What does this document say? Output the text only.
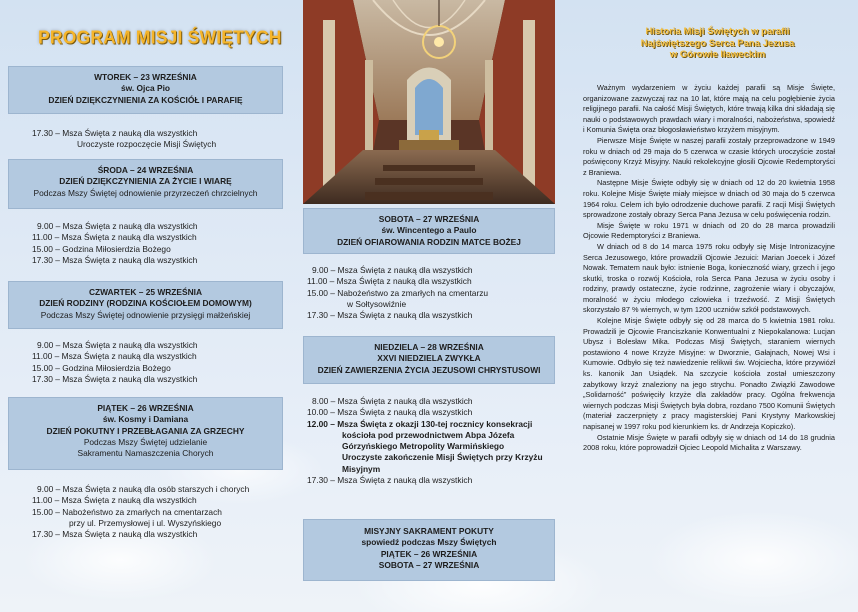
PROGRAM MISJI ŚWIĘTYCH
WTOREK – 23 WRZEŚNIA
św. Ojca Pio
DZIEŃ DZIĘKCZYNIENIA ZA KOŚCIÓŁ I PARAFIĘ
17.30 – Msza Święta z nauką dla wszystkich
Uroczyste rozpoczęcie Misji Świętych
ŚRODA – 24 WRZEŚNIA
DZIEŃ DZIĘKCZYNIENIA ZA ŻYCIE I WIARĘ
Podczas Mszy Świętej odnowienie przyrzeczeń chrzcielnych
9.00 – Msza Święta z nauką dla wszystkich
11.00 – Msza Święta z nauką dla wszystkich
15.00 – Godzina Miłosierdzia Bożego
17.30 – Msza Święta z nauką dla wszystkich
CZWARTEK – 25 WRZEŚNIA
DZIEŃ RODZINY (RODZINA KOŚCIOŁEM DOMOWYM)
Podczas Mszy Świętej odnowienie przysięgi małżeńskiej
9.00 – Msza Święta z nauką dla wszystkich
11.00 – Msza Święta z nauką dla wszystkich
15.00 – Godzina Miłosierdzia Bożego
17.30 – Msza Święta z nauką dla wszystkich
PIĄTEK – 26 WRZEŚNIA
św. Kosmy i Damiana
DZIEŃ POKUTNY I PRZEBŁAGANIA ZA GRZECHY
Podczas Mszy Świętej udzielanie
Sakramentu Namaszczenia Chorych
9.00 – Msza Święta z nauką dla osób starszych i chorych
11.00 – Msza Święta z nauką dla wszystkich
15.00 – Nabożeństwo za zmarłych na cmentarzach
przy ul. Przemysłowej i ul. Wyszyńskiego
17.30 – Msza Święta z nauką dla wszystkich
SOBOTA – 27 WRZEŚNIA
św. Wincentego a Paulo
DZIEŃ OFIAROWANIA RODZIN MATCE BOŻEJ
9.00 – Msza Święta z nauką dla wszystkich
11.00 – Msza Święta z nauką dla wszystkich
15.00 – Nabożeństwo za zmarłych na cmentarzu
w Sołtysowiźnie
17.30 – Msza Święta z nauką dla wszystkich
NIEDZIELA – 28 WRZEŚNIA
XXVI NIEDZIELA ZWYKŁA
DZIEŃ ZAWIERZENIA ŻYCIA JEZUSOWI CHRYSTUSOWI
8.00 – Msza Święta z nauką dla wszystkich
10.00 – Msza Święta z nauką dla wszystkich
12.00 – Msza Święta z okazji 130-tej rocznicy konsekracji
kościoła pod przewodnictwem Abpa Józefa
Górzyńskiego Metropolity Warmińskiego
Uroczyste zakończenie Misji Świętych przy Krzyżu
Misyjnym
17.30 – Msza Święta z nauką dla wszystkich
MISYJNY SAKRAMENT POKUTY
spowiedź podczas Mszy Świętych
PIĄTEK – 26 WRZEŚNIA
SOBOTA – 27 WRZEŚNIA
Historia Misji Świętych w parafii
Najświętszego Serca Pana Jezusa
w Górowie Iławeckim

Ważnym wydarzeniem w życiu każdej parafii są Misje Święte, organizowane zazwyczaj raz na 10 lat, które mają na celu pogłębienie życia religijnego parafii. Na całość Misji Świętych, które trwają kilka dni składają się nauki o podstawowych prawdach wiary i moralności, nabożeństwa, spowiedź i Komunia Święta oraz błogosławieństwo krzyżem misyjnym.

Pierwsze Misje Święte w naszej parafii zostały przeprowadzone w 1949 roku w dniach od 29 maja do 5 czerwca w czasie których uroczyście został poświęcony Krzyż Misyjny. Nauki rekolekcyjne głosili Ojcowie Redemptoryści z Braniewa.

Następne Misje Święte odbyły się w dniach od 12 do 20 kwietnia 1958 roku. Kolejne Misje Święte miały miejsce w dniach od 30 maja do 5 czerwca 1964 roku. Celem ich było odrodzenie duchowe parafii. Z racji Misji Świętych sprowadzone zostały obrazy Serca Pana Jezusa w celu poświęcenia rodzin.

Misje Święte w roku 1971 w dniach od 20 do 28 marca prowadzili Ojcowie Redemptoryści z Braniewa.

W dniach od 8 do 14 marca 1975 roku odbyły się Misje Intronizacyjne Serca Jezusowego, które prowadzili Ojcowie Jezuici: Marian Joecek i Józef Nowak. Tematem nauk było: istnienie Boga, konieczność wiary, grzech i jego skutki, troska o rozwój Kościoła, rola Serca Pana Jezusa w życiu osoby i rodziny, prawdy ostateczne, życie rodzinne, zagrożenie wiary i obyczajów, moralność w życiu młodego człowieka i trzeźwość. Z Misji Świętych skorzystało 87 % wiernych, w tym 1200 uczniów szkół podstawowych.

Kolejne Misje Święte odbyły się od 28 marca do 5 kwietnia 1981 roku. Prowadzili je Ojcowie Franciszkanie Konwentualni z Niepokalanowa: Lucjan Ubysz i Bolesław Mika. Podczas Misji Świętych, staraniem wiernych postawiono 4 nowe Krzyże Misyjne: w Dworznie, Gałajnach, Nowej Wsi i Kumowie. Odbyło się też nawiedzenie relikwii św. Wojciecha, które przywiózł ks. kanonik Jan Usiądek. Na szczycie kościoła został umieszczony zabytkowy krzyż znaleziony na jego strychu. Ponadto Związki Zawodowe „Solidarność” poświęciły krzyże dla zakładów pracy. Ogólna frekwencja wiernych podczas Misji Świętych była dobra, rozdano 7500 Komunii Świętych (materiał zaczerpnięty z pracy magisterskiej Pani Krystyny Markowskiej napisanej w 1997 roku pod kierunkiem ks. dr Andrzeja Kopiczko).

Ostatnie Misje Święte w parafii odbyły się w dniach od 14 do 18 grudnia 2008 roku, które poprowadził Ojciec Leopold Michalita z Warszawy.
